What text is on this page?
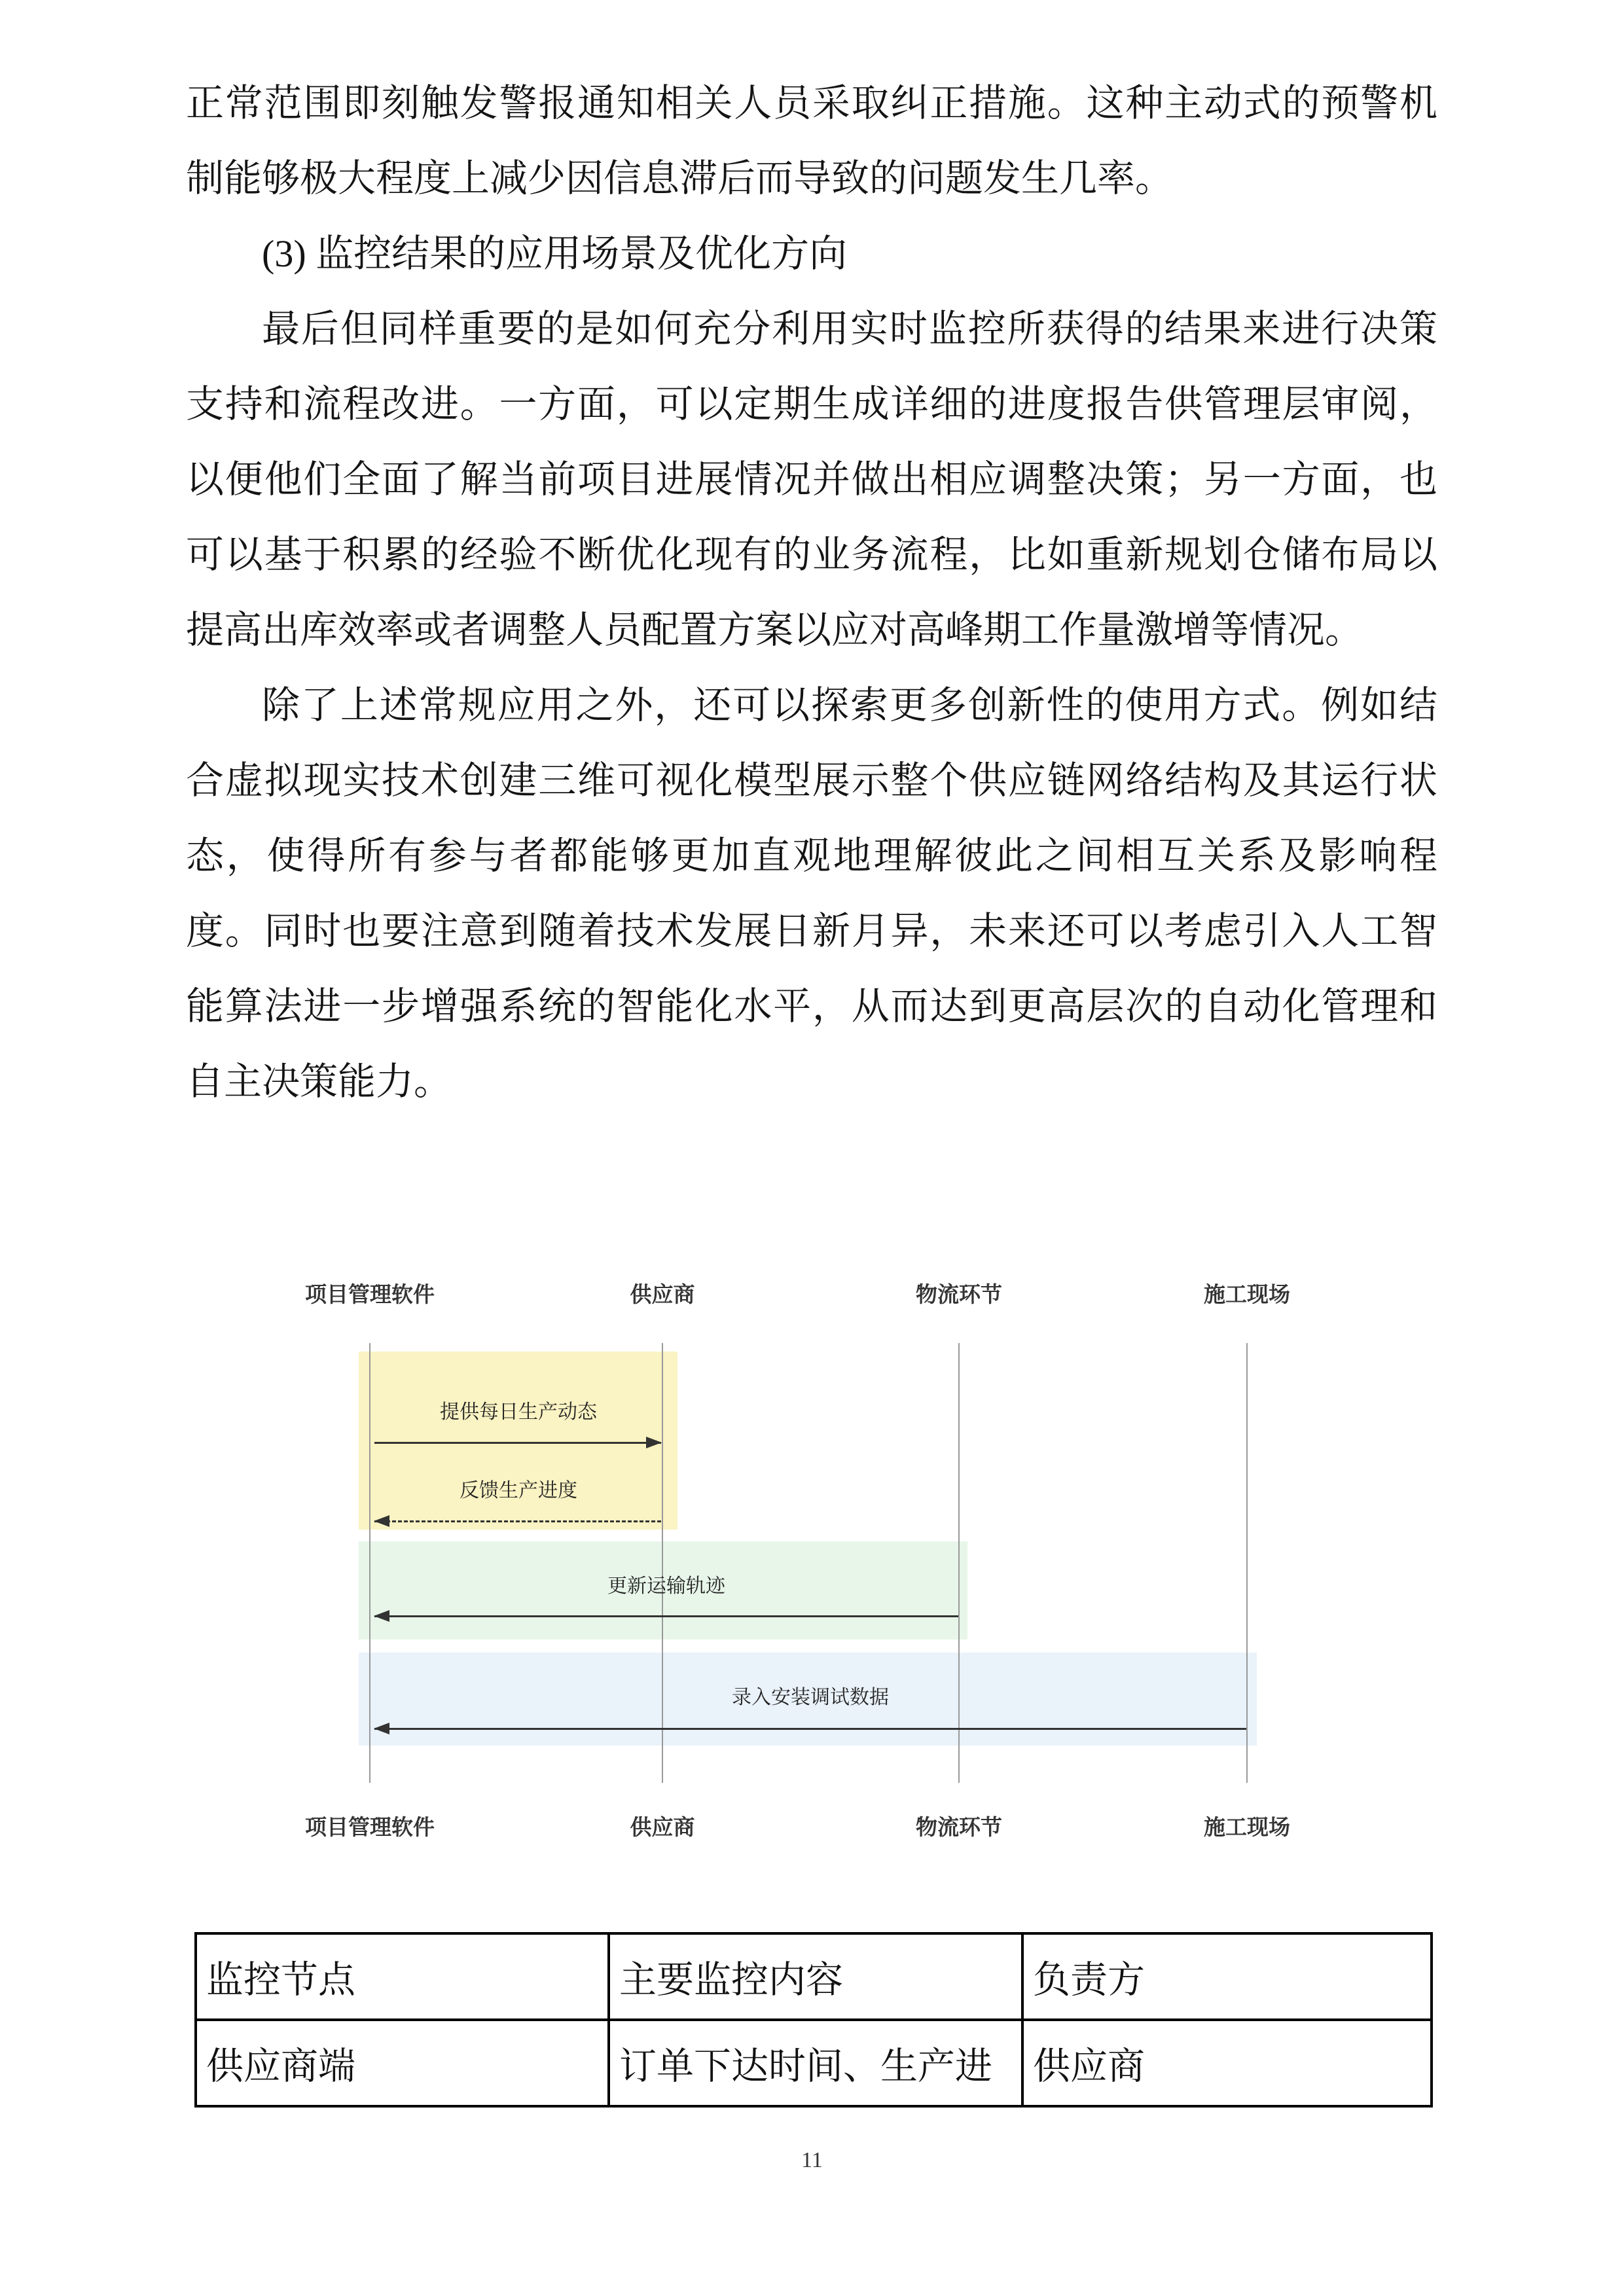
正常范围即刻触发警报通知相关人员采取纠正措施。这种主动式的预警机制能够极大程度上减少因信息滞后而导致的问题发生几率。

(3) 监控结果的应用场景及优化方向

最后但同样重要的是如何充分利用实时监控所获得的结果来进行决策支持和流程改进。一方面，可以定期生成详细的进度报告供管理层审阅，以便他们全面了解当前项目进展情况并做出相应调整决策；另一方面，也可以基于积累的经验不断优化现有的业务流程，比如重新规划仓储布局以提高出库效率或者调整人员配置方案以应对高峰期工作量激增等情况。

除了上述常规应用之外，还可以探索更多创新性的使用方式。例如结合虚拟现实技术创建三维可视化模型展示整个供应链网络结构及其运行状态，使得所有参与者都能够更加直观地理解彼此之间相互关系及影响程度。同时也要注意到随着技术发展日新月异，未来还可以考虑引入人工智能算法进一步增强系统的智能化水平，从而达到更高层次的自动化管理和自主决策能力。

项目管理软件	供应商	物流环节	施工现场
提供每日生产动态
反馈生产进度
更新运输轨迹
录入安装调试数据
项目管理软件	供应商	物流环节	施工现场
监控节点	主要监控内容	负责方
供应商端	订单下达时间、生产进	供应商
11
